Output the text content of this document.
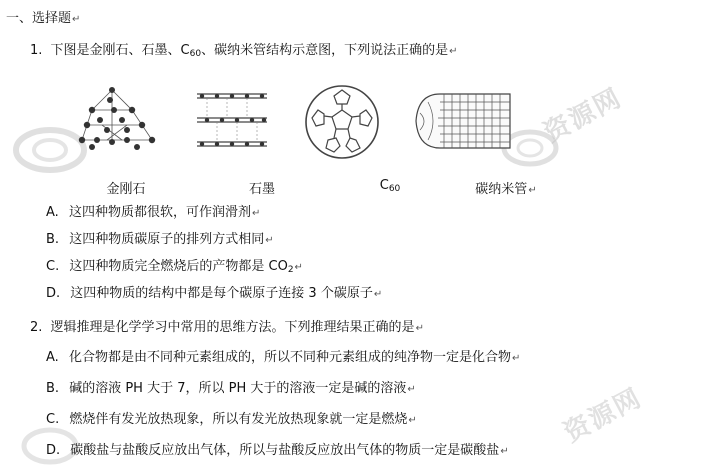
资源网
资源网
一、选择题↵
1. 下图是金刚石、石墨、$C_{60}$、碳纳米管结构示意图，下列说法正确的是↵
金刚石	石墨	$C_{60}$	碳纳米管↵
A. 这四种物质都很软，可作润滑剂↵
B. 这四种物质碳原子的排列方式相同↵
C. 这四种物质完全燃烧后的产物都是 $CO_2↵$
D. 这四种物质的结构中都是每个碳原子连接 3 个碳原子↵
2. 逻辑推理是化学学习中常用的思维方法。下列推理结果正确的是↵
A. 化合物都是由不同种元素组成的，所以不同种元素组成的纯净物一定是化合物↵
B. 碱的溶液 PH 大于 7，所以 PH 大于的溶液一定是碱的溶液↵
C. 燃烧伴有发光放热现象，所以有发光放热现象就一定是燃烧↵
D. 碳酸盐与盐酸反应放出气体，所以与盐酸反应放出气体的物质一定是碳酸盐↵
